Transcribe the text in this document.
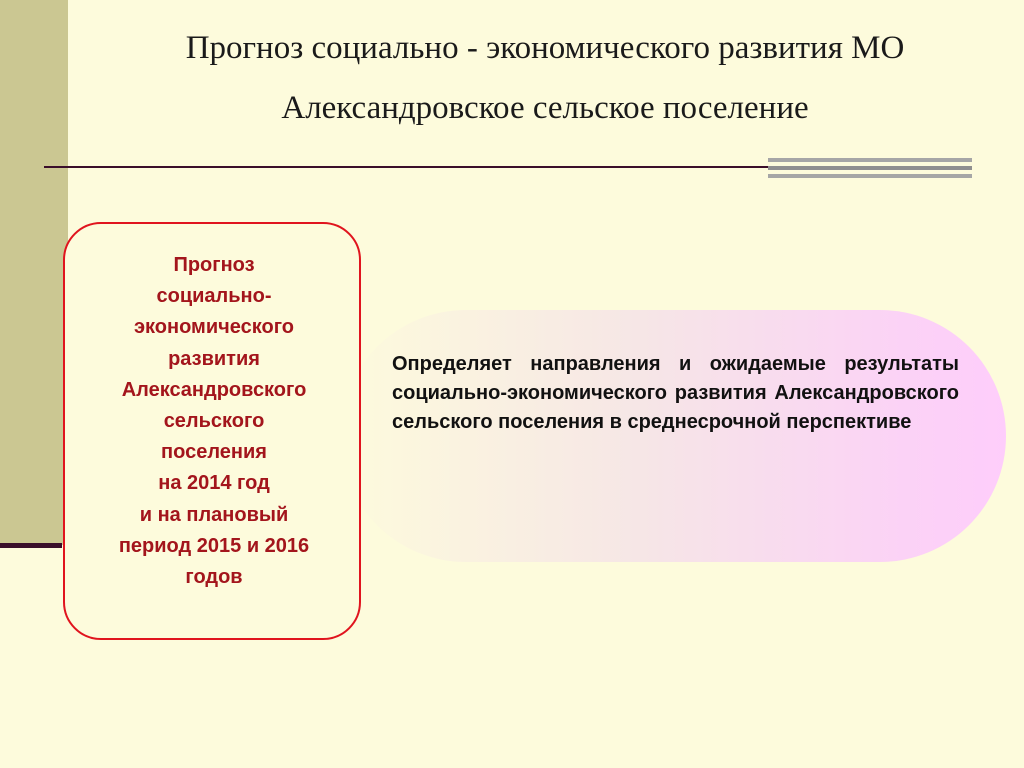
Прогноз социально - экономического развития МО
Александровское сельское поселение
Определяет направления и ожидаемые результаты социально-экономического развития Александровского сельского поселения в среднесрочной перспективе
Прогноз
социально-
экономического
развития
Александровского
сельского
поселения
на 2014 год
и на плановый
период 2015 и 2016
годов
